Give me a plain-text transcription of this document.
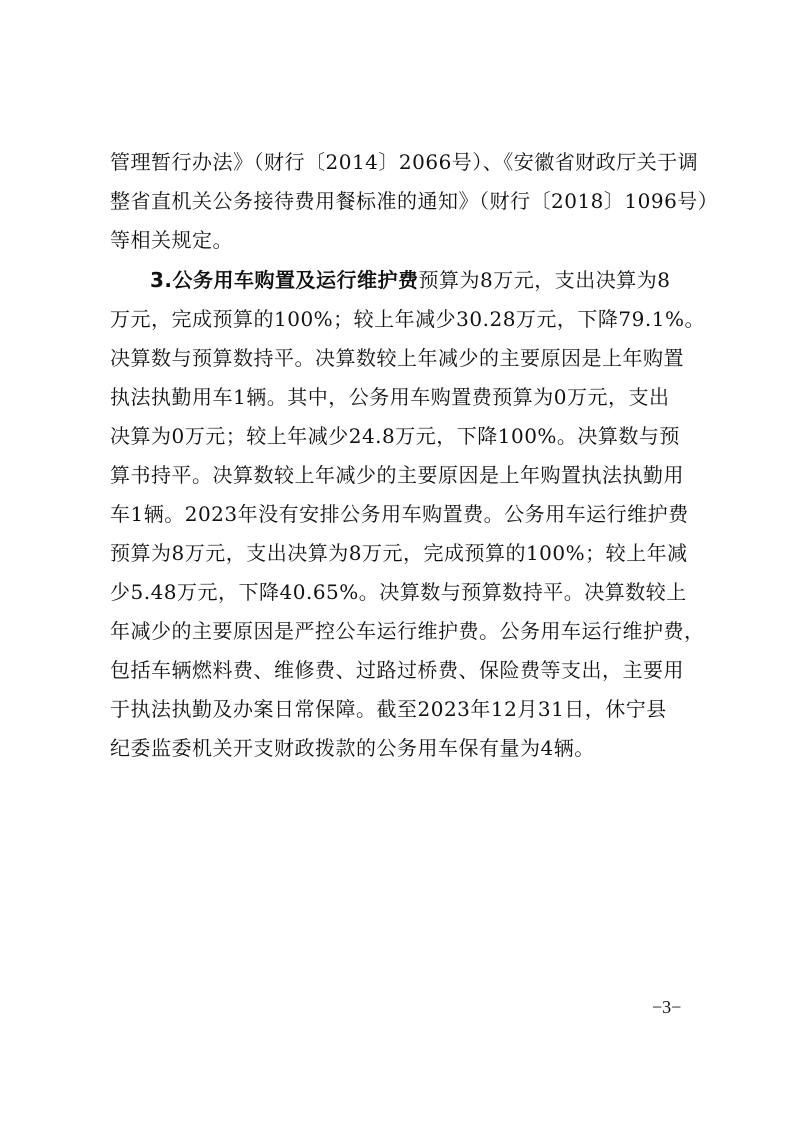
管理暂行办法》（财行〔2014〕2066号）、《安徽省财政厅关于调
整省直机关公务接待费用餐标准的通知》（财行〔2018〕1096号）
等相关规定。
3.公务用车购置及运行维护费预算为8万元，支出决算为8
万元，完成预算的100%；较上年减少30.28万元，下降79.1%。
决算数与预算数持平。决算数较上年减少的主要原因是上年购置
执法执勤用车1辆。其中，公务用车购置费预算为0万元，支出
决算为0万元；较上年减少24.8万元，下降100%。决算数与预
算书持平。决算数较上年减少的主要原因是上年购置执法执勤用
车1辆。2023年没有安排公务用车购置费。公务用车运行维护费
预算为8万元，支出决算为8万元，完成预算的100%；较上年减
少5.48万元，下降40.65%。决算数与预算数持平。决算数较上
年减少的主要原因是严控公车运行维护费。公务用车运行维护费，
包括车辆燃料费、维修费、过路过桥费、保险费等支出，主要用
于执法执勤及办案日常保障。截至2023年12月31日，休宁县
纪委监委机关开支财政拨款的公务用车保有量为4辆。
−3−
